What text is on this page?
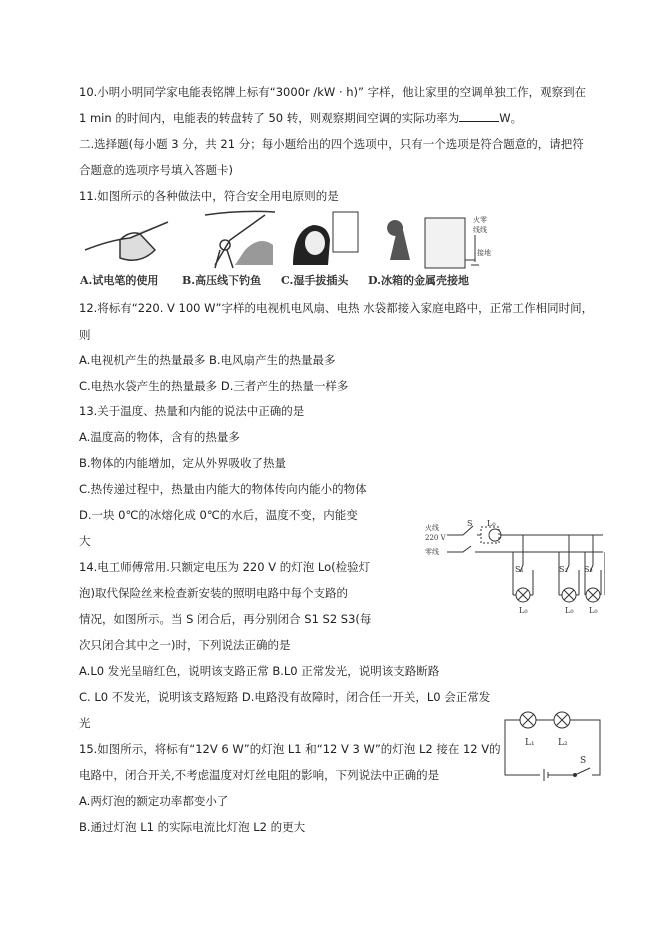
10.小明小明同学家电能表铭牌上标有“3000r /kW · h)” 字样，他让家里的空调单独工作，观察到在
1 min 的时间内，电能表的转盘转了 50 转，则观察期间空调的实际功率为	W。
二.选择题(每小题 3 分，共 21 分；每小题给出的四个选项中，只有一个选项是符合题意的，请把符
合题意的选项序号填入答题卡)
11.如图所示的各种做法中，符合安全用电原则的是
火零
线线
接地
A.试电笔的使用 B.高压线下钓鱼 C.湿手拔插头 D.冰箱的金属壳接地
12.将标有“220. V 100 W”字样的电视机电风扇、电热 水袋都接入家庭电路中，正常工作相同时间，
则
A.电视机产生的热量最多 B.电风扇产生的热量最多
C.电热水袋产生的热量最多 D.三者产生的热量一样多
13.关于温度、热量和内能的说法中正确的是
A.温度高的物体，含有的热量多
B.物体的内能增加，定从外界吸收了热量
C.热传递过程中，热量由内能大的物体传向内能小的物体
D.一块 0℃的冰熔化成 0℃的水后，温度不变，内能变
大
火线
220 V
零线
S L₀
S₁	S₂ S₃
L₀	L₀ L₀
14.电工师傅常用.只额定电压为 220 V 的灯泡 Lo(检验灯
泡)取代保险丝来检查新安装的照明电路中每个支路的
情况，如图所示。当 S 闭合后，再分别闭合 S1 S2 S3(每
次只闭合其中之一)时，下列说法正确的是
A.L0 发光呈暗红色，说明该支路正常 B.L0 正常发光，说明该支路断路
C. L0 不发光，说明该支路短路 D.电路没有故障时，闭合任一开关，L0 会正常发
光
L₁	L₂
S
15.如图所示，将标有“12V 6 W”的灯泡 L1 和“12 V 3 W”的灯泡 L2 接在 12 V的
电路中，闭合开关,不考虑温度对灯丝电阻的影响，下列说法中正确的是
A.两灯泡的额定功率都变小了
B.通过灯泡 L1 的实际电流比灯泡 L2 的更大
